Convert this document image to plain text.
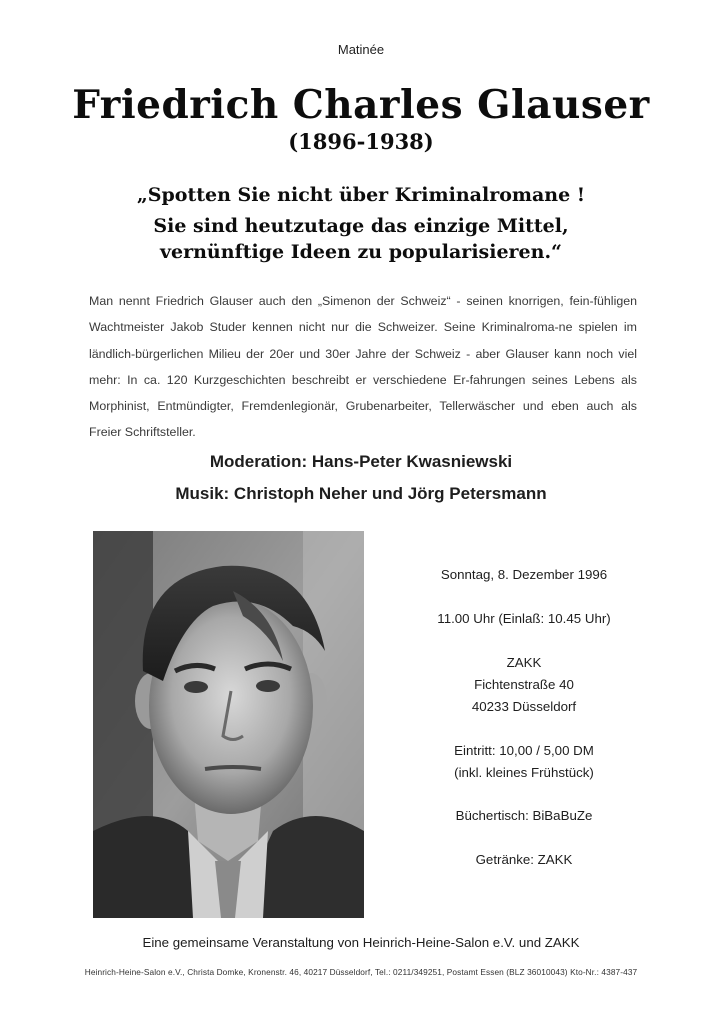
Matinée
Friedrich Charles Glauser
(1896-1938)
„Spotten Sie nicht über Kriminalromane !
Sie sind heutzutage das einzige Mittel,
vernünftige Ideen zu popularisieren.“
Man nennt Friedrich Glauser auch den „Simenon der Schweiz“ - seinen knorrigen, fein-fühligen Wachtmeister Jakob Studer kennen nicht nur die Schweizer. Seine Kriminalroma-ne spielen im ländlich-bürgerlichen Milieu der 20er und 30er Jahre der Schweiz - aber Glauser kann noch viel mehr: In ca. 120 Kurzgeschichten beschreibt er verschiedene Er-fahrungen seines Lebens als Morphinist, Entmündigter, Fremdenlegionär, Grubenarbeiter, Tellerwäscher und eben auch als Freier Schriftsteller.
Moderation: Hans-Peter Kwasniewski
Musik: Christoph Neher und Jörg Petersmann
Sonntag, 8. Dezember 1996
11.00 Uhr (Einlaß: 10.45 Uhr)
ZAKK
Fichtenstraße 40
40233 Düsseldorf
Eintritt: 10,00 / 5,00 DM
(inkl. kleines Frühstück)
Büchertisch: BiBaBuZe
Getränke: ZAKK
Eine gemeinsame Veranstaltung von Heinrich-Heine-Salon e.V. und ZAKK
Heinrich-Heine-Salon e.V., Christa Domke, Kronenstr. 46, 40217 Düsseldorf, Tel.: 0211/349251, Postamt Essen (BLZ 36010043) Kto-Nr.: 4387-437
